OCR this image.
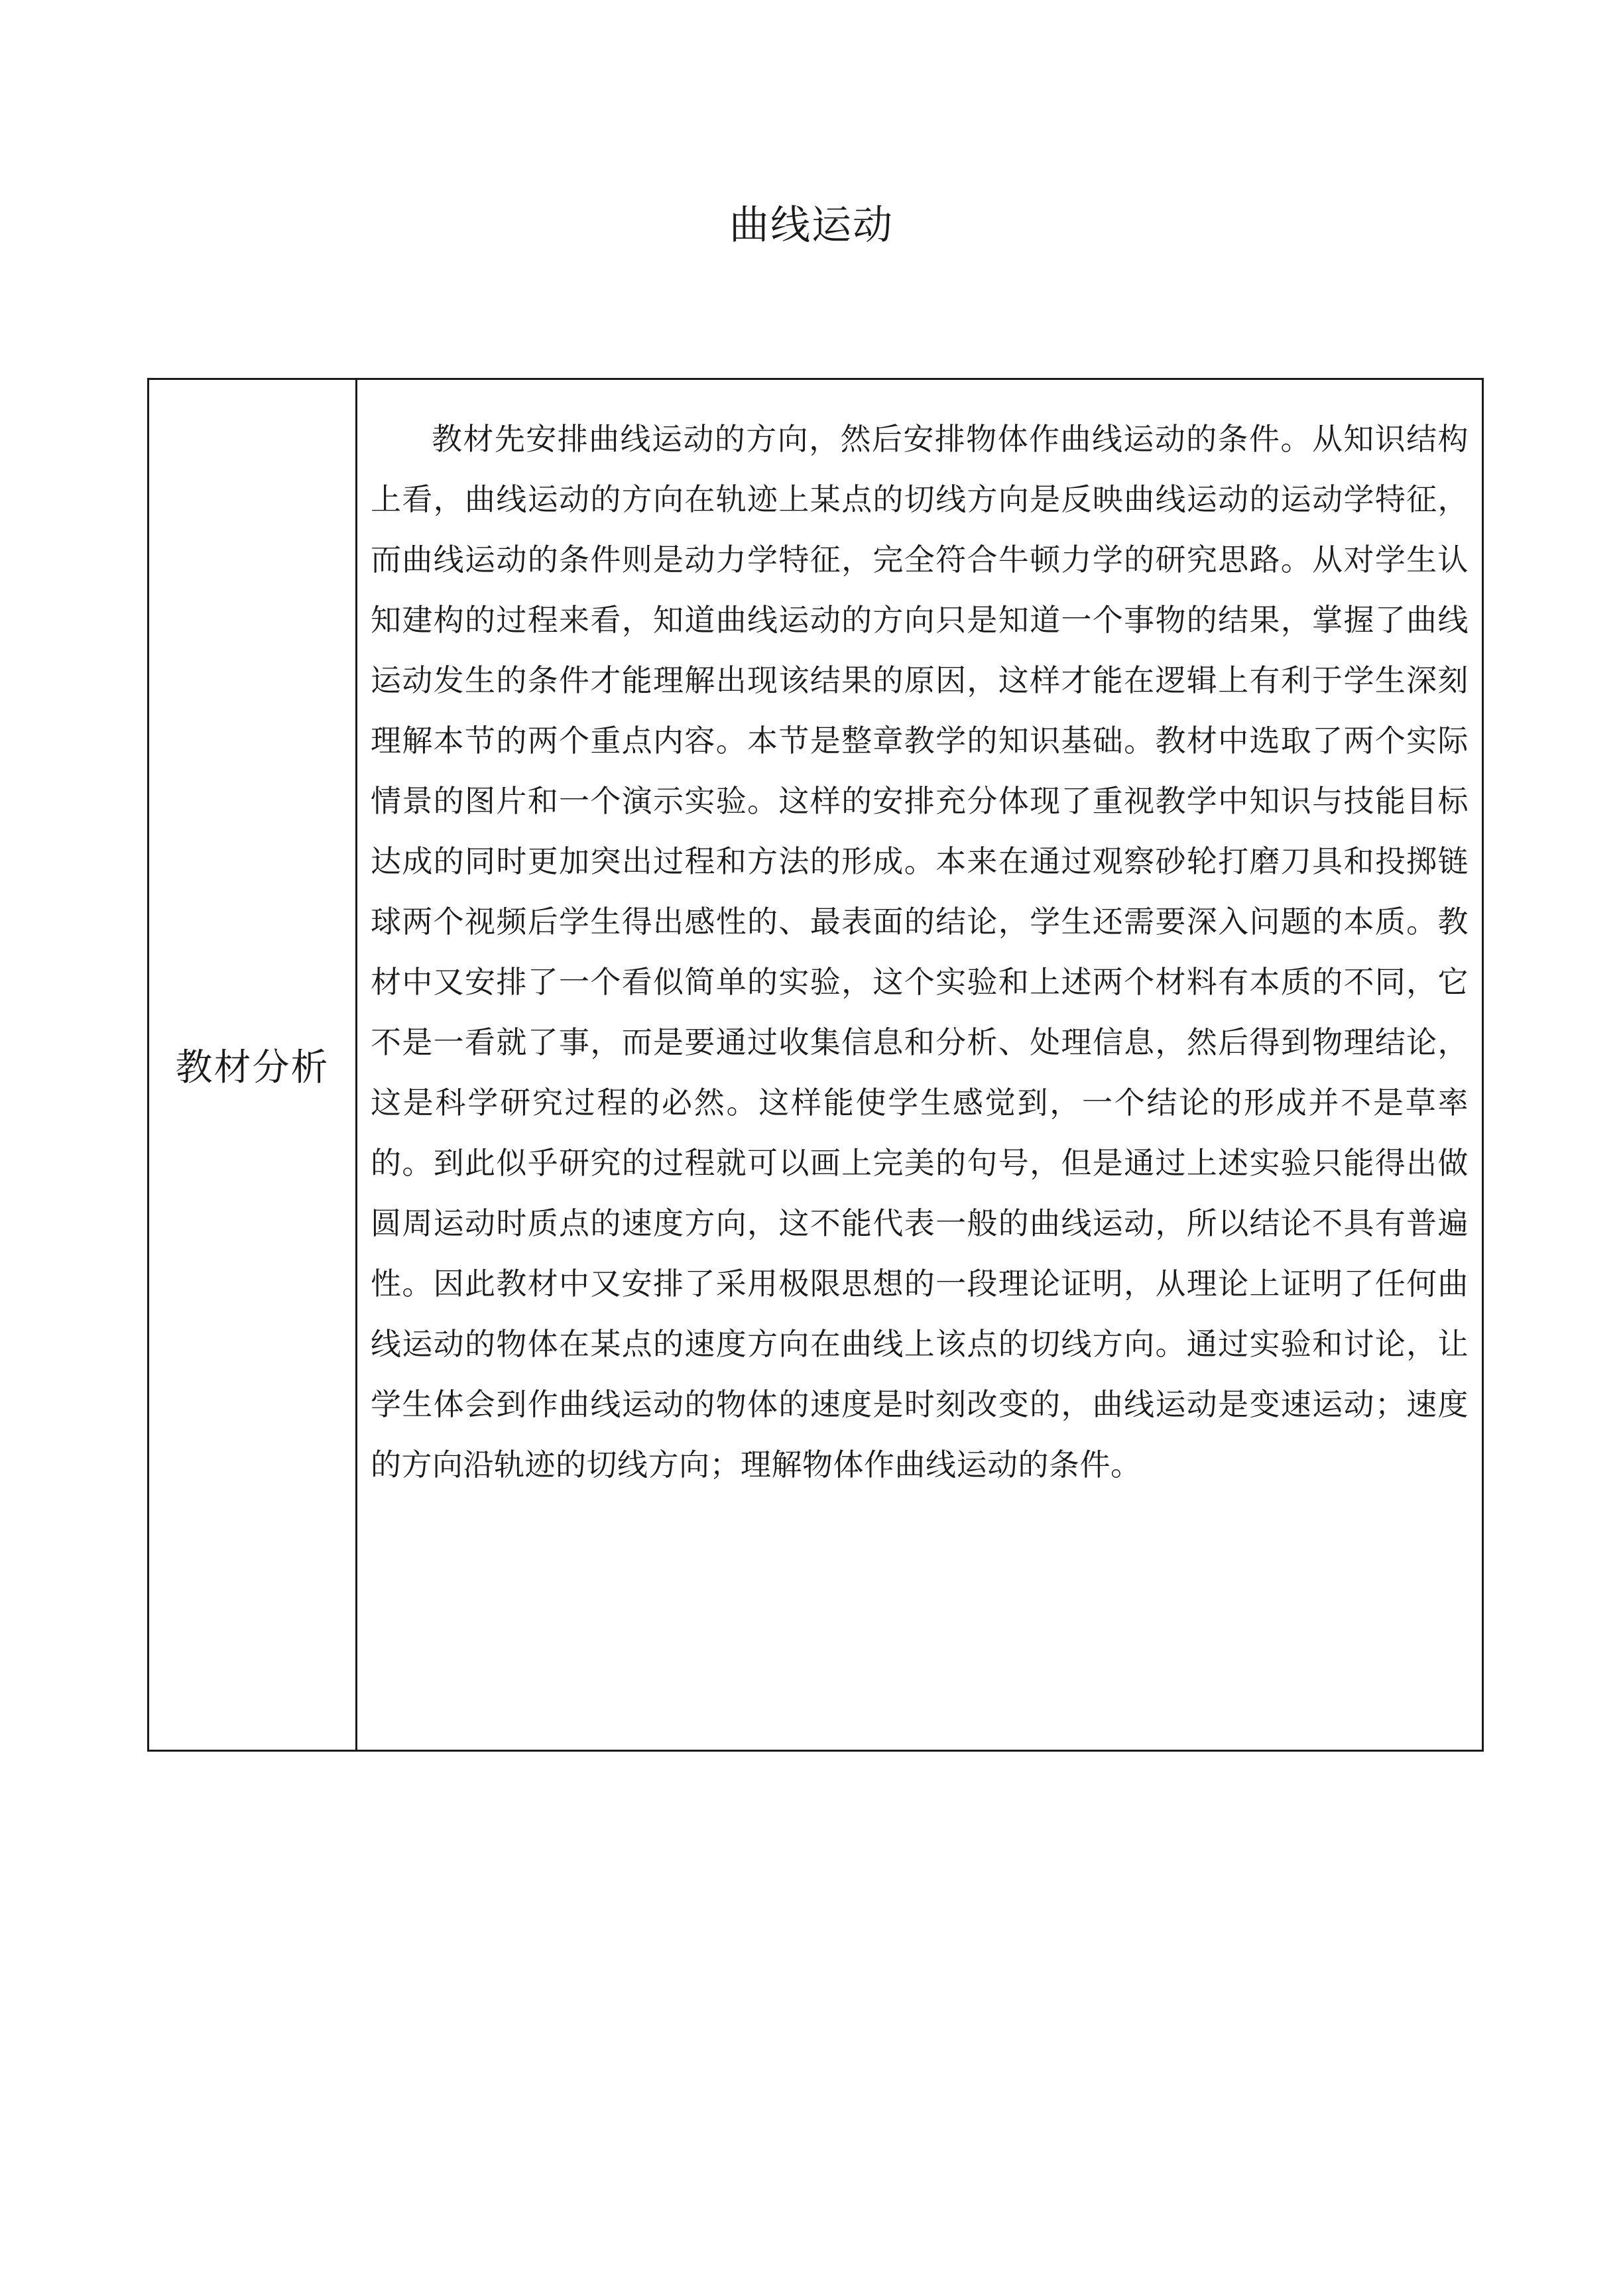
曲线运动
教材分析

教材先安排曲线运动的方向，然后安排物体作曲线运动的条件。从知识结构上看，曲线运动的方向在轨迹上某点的切线方向是反映曲线运动的运动学特征，而曲线运动的条件则是动力学特征，完全符合牛顿力学的研究思路。从对学生认知建构的过程来看，知道曲线运动的方向只是知道一个事物的结果，掌握了曲线运动发生的条件才能理解出现该结果的原因，这样才能在逻辑上有利于学生深刻理解本节的两个重点内容。本节是整章教学的知识基础。教材中选取了两个实际情景的图片和一个演示实验。这样的安排充分体现了重视教学中知识与技能目标达成的同时更加突出过程和方法的形成。本来在通过观察砂轮打磨刀具和投掷链球两个视频后学生得出感性的、最表面的结论，学生还需要深入问题的本质。教材中又安排了一个看似简单的实验，这个实验和上述两个材料有本质的不同，它不是一看就了事，而是要通过收集信息和分析、处理信息，然后得到物理结论，这是科学研究过程的必然。这样能使学生感觉到，一个结论的形成并不是草率的。到此似乎研究的过程就可以画上完美的句号，但是通过上述实验只能得出做圆周运动时质点的速度方向，这不能代表一般的曲线运动，所以结论不具有普遍性。因此教材中又安排了采用极限思想的一段理论证明，从理论上证明了任何曲线运动的物体在某点的速度方向在曲线上该点的切线方向。通过实验和讨论，让学生体会到作曲线运动的物体的速度是时刻改变的，曲线运动是变速运动；速度的方向沿轨迹的切线方向；理解物体作曲线运动的条件。
